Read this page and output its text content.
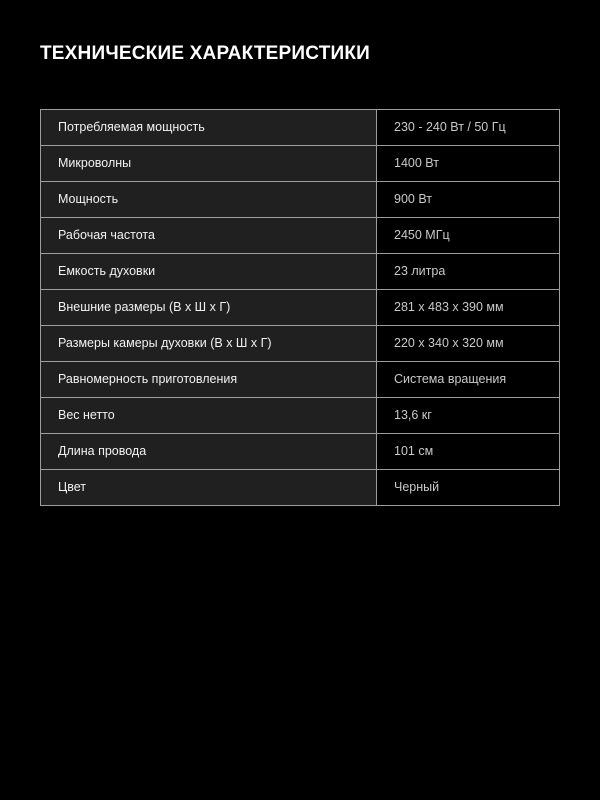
ТЕХНИЧЕСКИЕ ХАРАКТЕРИСТИКИ
Потребляемая мощность	230 - 240 Вт / 50 Гц
Микроволны	1400 Вт
Мощность	900 Вт
Рабочая частота	2450 МГц
Емкость духовки	23 литра
Внешние размеры (В х Ш х Г)	281 х 483 х 390 мм
Размеры камеры духовки (В х Ш х Г)	220 х 340 х 320 мм
Равномерность приготовления	Система вращения
Вес нетто	13,6 кг
Длина провода	101 см
Цвет	Черный
